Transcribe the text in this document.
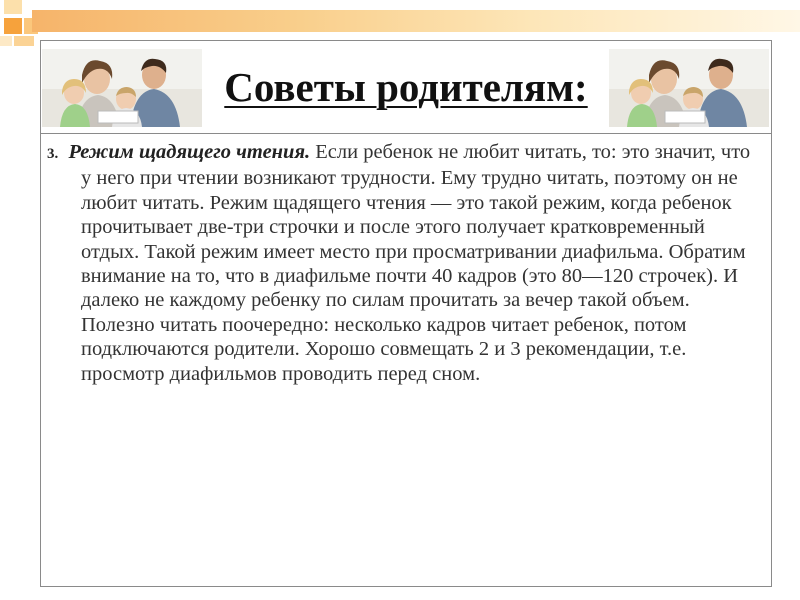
Советы родителям:
3. Режим щадящего чтения. Если ребенок не любит читать, то: это значит, что у него при чтении возникают трудности. Ему трудно читать, поэтому он не любит читать. Режим щадящего чтения — это такой режим, когда ребенок прочитывает две-три строчки и после этого получает кратковременный отдых. Такой режим имеет место при просматривании диафильма. Обратим внимание на то, что в диафильме почти 40 кадров (это 80—120 строчек). И далеко не каждому ребенку по силам прочитать за вечер такой объем. Полезно читать поочередно: несколько кадров читает ребенок, потом подключаются родители. Хорошо совмещать 2 и 3 рекомендации, т.е. просмотр диафильмов проводить перед сном.
